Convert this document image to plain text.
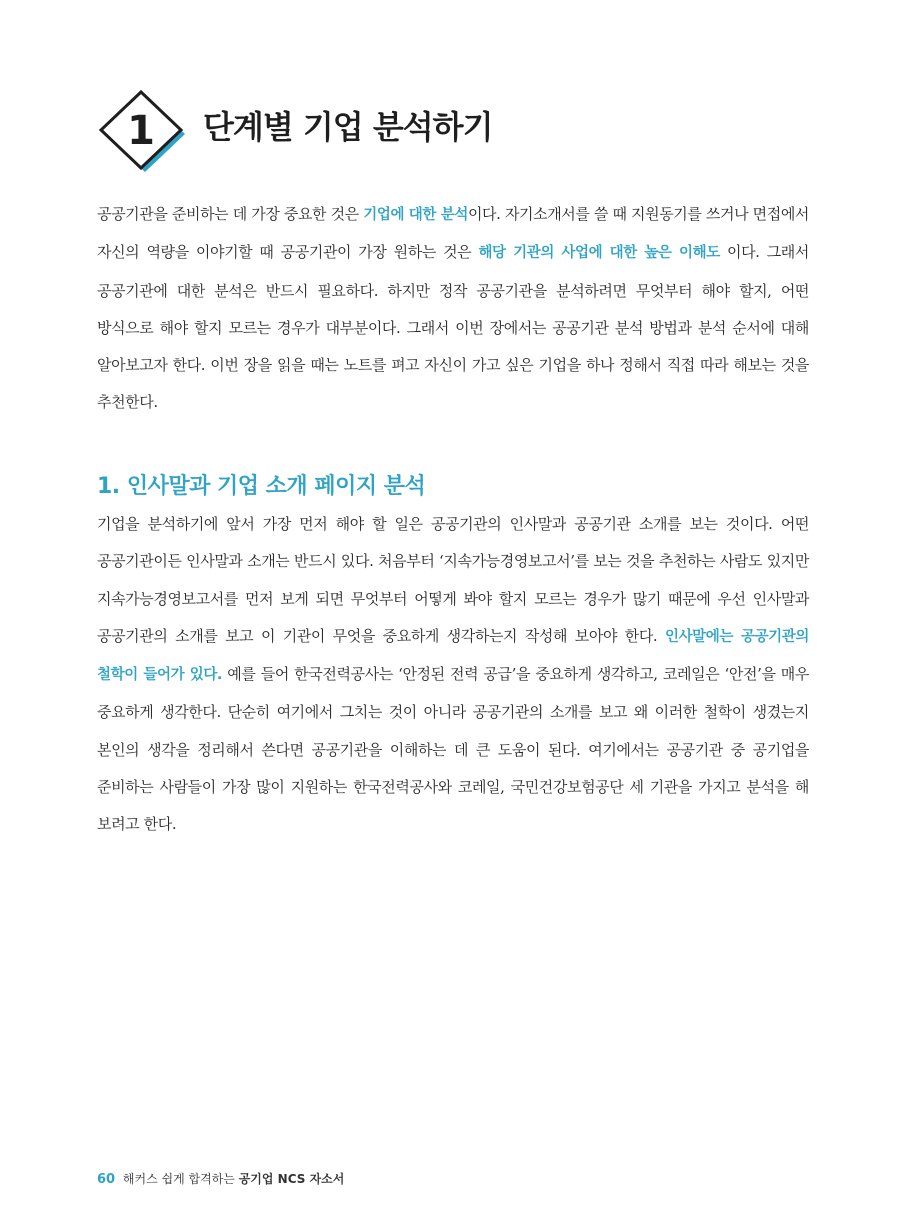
1 단계별 기업 분석하기

공공기관을 준비하는 데 가장 중요한 것은 기업에 대한 분석이다. 자기소개서를 쓸 때 지원동기를 쓰거나 면접에서 자신의 역량을 이야기할 때 공공기관이 가장 원하는 것은 해당 기관의 사업에 대한 높은 이해도 이다. 그래서 공공기관에 대한 분석은 반드시 필요하다. 하지만 정작 공공기관을 분석하려면 무엇부터 해야 할지, 어떤 방식으로 해야 할지 모르는 경우가 대부분이다. 그래서 이번 장에서는 공공기관 분석 방법과 분석 순서에 대해 알아보고자 한다. 이번 장을 읽을 때는 노트를 펴고 자신이 가고 싶은 기업을 하나 정해서 직접 따라 해보는 것을 추천한다.

1. 인사말과 기업 소개 페이지 분석

기업을 분석하기에 앞서 가장 먼저 해야 할 일은 공공기관의 인사말과 공공기관 소개를 보는 것이다. 어떤 공공기관이든 인사말과 소개는 반드시 있다. 처음부터 ‘지속가능경영보고서’를 보는 것을 추천하는 사람도 있지만 지속가능경영보고서를 먼저 보게 되면 무엇부터 어떻게 봐야 할지 모르는 경우가 많기 때문에 우선 인사말과 공공기관의 소개를 보고 이 기관이 무엇을 중요하게 생각하는지 작성해 보아야 한다. 인사말에는 공공기관의 철학이 들어가 있다. 예를 들어 한국전력공사는 ‘안정된 전력 공급’을 중요하게 생각하고, 코레일은 ‘안전’을 매우 중요하게 생각한다. 단순히 여기에서 그치는 것이 아니라 공공기관의 소개를 보고 왜 이러한 철학이 생겼는지 본인의 생각을 정리해서 쓴다면 공공기관을 이해하는 데 큰 도움이 된다. 여기에서는 공공기관 중 공기업을 준비하는 사람들이 가장 많이 지원하는 한국전력공사와 코레일, 국민건강보험공단 세 기관을 가지고 분석을 해 보려고 한다.

60 해커스 쉽게 합격하는 공기업 NCS 자소서
